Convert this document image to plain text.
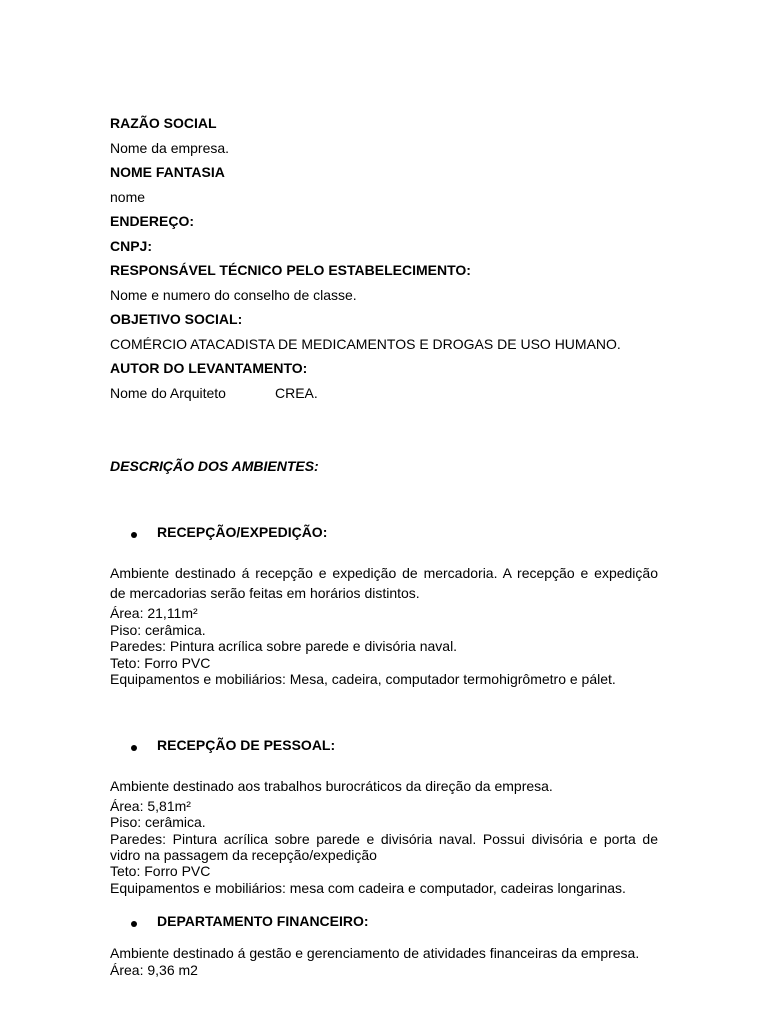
RAZÃO SOCIAL
Nome da empresa.
NOME FANTASIA
nome
ENDEREÇO:
CNPJ:
RESPONSÁVEL TÉCNICO PELO ESTABELECIMENTO:
Nome e numero do conselho de classe.
OBJETIVO SOCIAL:
COMÉRCIO ATACADISTA DE MEDICAMENTOS E DROGAS DE USO HUMANO.
AUTOR DO LEVANTAMENTO:
Nome do Arquiteto	CREA.
DESCRIÇÃO DOS AMBIENTES:
RECEPÇÃO/EXPEDIÇÃO:
Ambiente destinado á recepção e expedição de mercadoria. A recepção e expedição
de mercadorias serão feitas em horários distintos.
Área: 21,11m²
Piso: cerâmica.
Paredes: Pintura acrílica sobre parede e divisória naval.
Teto: Forro PVC
Equipamentos e mobiliários: Mesa, cadeira, computador termohigrômetro e pálet.
RECEPÇÃO DE PESSOAL:
Ambiente destinado aos trabalhos burocráticos da direção da empresa.
Área: 5,81m²
Piso: cerâmica.
Paredes: Pintura acrílica sobre parede e divisória naval. Possui divisória e porta de
vidro na passagem da recepção/expedição
Teto: Forro PVC
Equipamentos e mobiliários: mesa com cadeira e computador, cadeiras longarinas.
DEPARTAMENTO FINANCEIRO:
Ambiente destinado á gestão e gerenciamento de atividades financeiras da empresa.
Área: 9,36 m2
